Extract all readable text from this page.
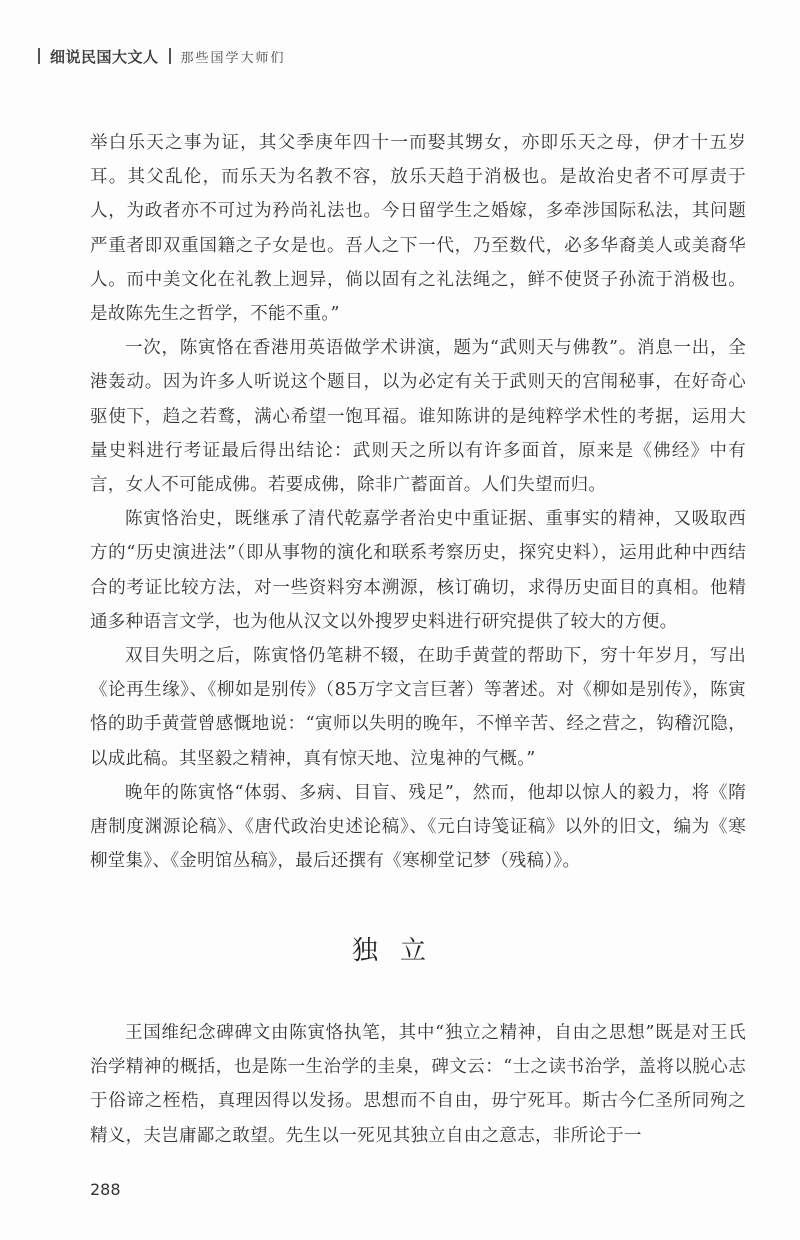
细说民国大文人 那些国学大师们

举白乐天之事为证，其父季庚年四十一而娶其甥女，亦即乐天之母，伊才十五岁耳。其父乱伦，而乐天为名教不容，放乐天趋于消极也。是故治史者不可厚责于人，为政者亦不可过为矜尚礼法也。今日留学生之婚嫁，多牵涉国际私法，其问题严重者即双重国籍之子女是也。吾人之下一代，乃至数代，必多华裔美人或美裔华人。而中美文化在礼教上迥异，倘以固有之礼法绳之，鲜不使贤子孙流于消极也。是故陈先生之哲学，不能不重。”

一次，陈寅恪在香港用英语做学术讲演，题为“武则天与佛教”。消息一出，全港轰动。因为许多人听说这个题目，以为必定有关于武则天的宫闱秘事，在好奇心驱使下，趋之若鹜，满心希望一饱耳福。谁知陈讲的是纯粹学术性的考据，运用大量史料进行考证最后得出结论：武则天之所以有许多面首，原来是《佛经》中有言，女人不可能成佛。若要成佛，除非广蓄面首。人们失望而归。

陈寅恪治史，既继承了清代乾嘉学者治史中重证据、重事实的精神，又吸取西方的“历史演进法”（即从事物的演化和联系考察历史，探究史料），运用此种中西结合的考证比较方法，对一些资料穷本溯源，核订确切，求得历史面目的真相。他精通多种语言文学，也为他从汉文以外搜罗史料进行研究提供了较大的方便。

双目失明之后，陈寅恪仍笔耕不辍，在助手黄萱的帮助下，穷十年岁月，写出《论再生缘》、《柳如是别传》（85万字文言巨著）等著述。对《柳如是别传》，陈寅恪的助手黄萱曾感慨地说：“寅师以失明的晚年，不惮辛苦、经之营之，钩稽沉隐，以成此稿。其坚毅之精神，真有惊天地、泣鬼神的气概。”

晚年的陈寅恪“体弱、多病、目盲、残足”，然而，他却以惊人的毅力，将《隋唐制度渊源论稿》、《唐代政治史述论稿》、《元白诗笺证稿》以外的旧文，编为《寒柳堂集》、《金明馆丛稿》，最后还撰有《寒柳堂记梦（残稿）》。

独立

王国维纪念碑碑文由陈寅恪执笔，其中“独立之精神，自由之思想”既是对王氏治学精神的概括，也是陈一生治学的圭臬，碑文云：“士之读书治学，盖将以脱心志于俗谛之桎梏，真理因得以发扬。思想而不自由，毋宁死耳。斯古今仁圣所同殉之精义，夫岂庸鄙之敢望。先生以一死见其独立自由之意志，非所论于一

288
